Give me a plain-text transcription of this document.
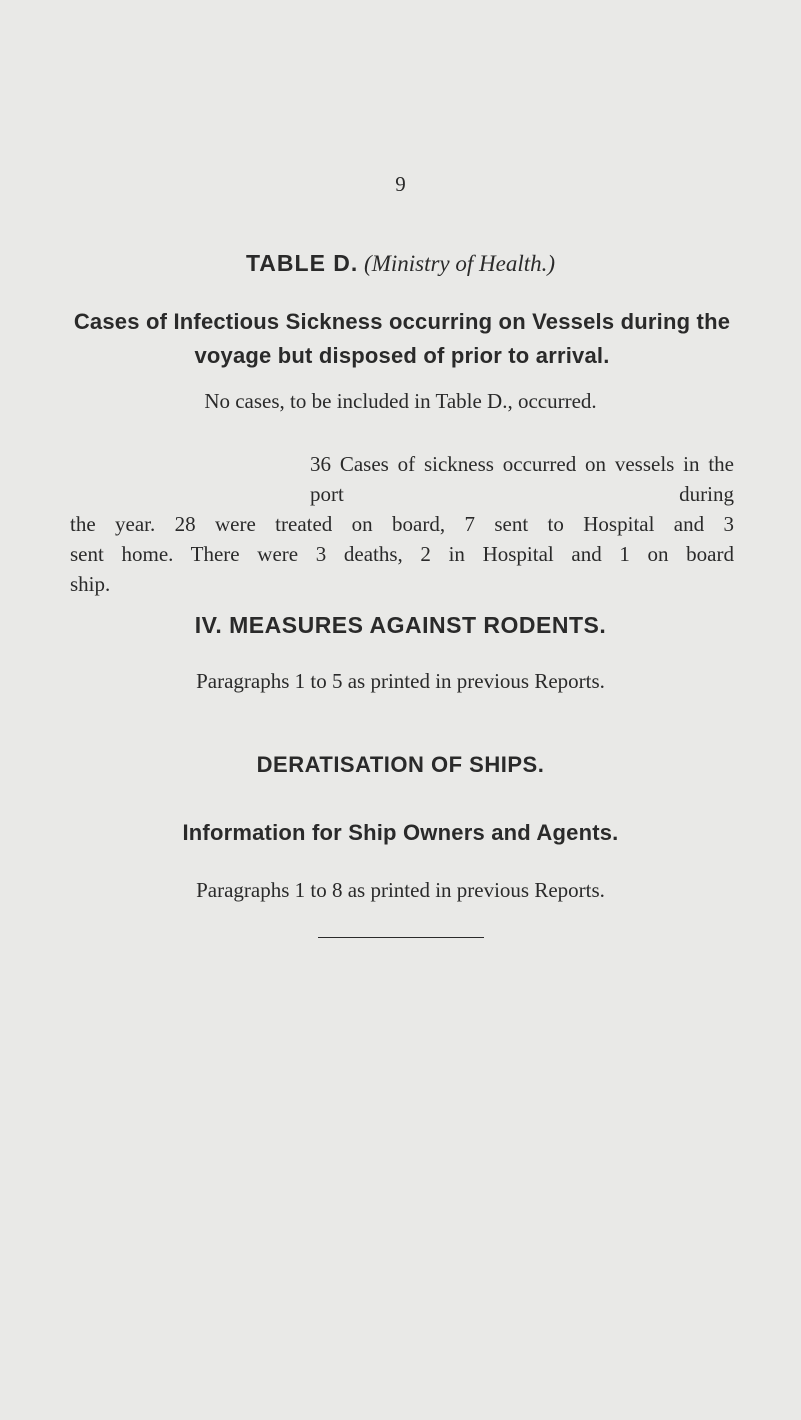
9
TABLE D. (Ministry of Health.)
Cases of Infectious Sickness occurring on Vessels during the voyage but disposed of prior to arrival.
No cases, to be included in Table D., occurred.
36 Cases of sickness occurred on vessels in the port during
the year. 28 were treated on board, 7 sent to Hospital and 3
sent home. There were 3 deaths, 2 in Hospital and 1 on board
ship.
IV. MEASURES AGAINST RODENTS.
Paragraphs 1 to 5 as printed in previous Reports.
DERATISATION OF SHIPS.
Information for Ship Owners and Agents.
Paragraphs 1 to 8 as printed in previous Reports.
